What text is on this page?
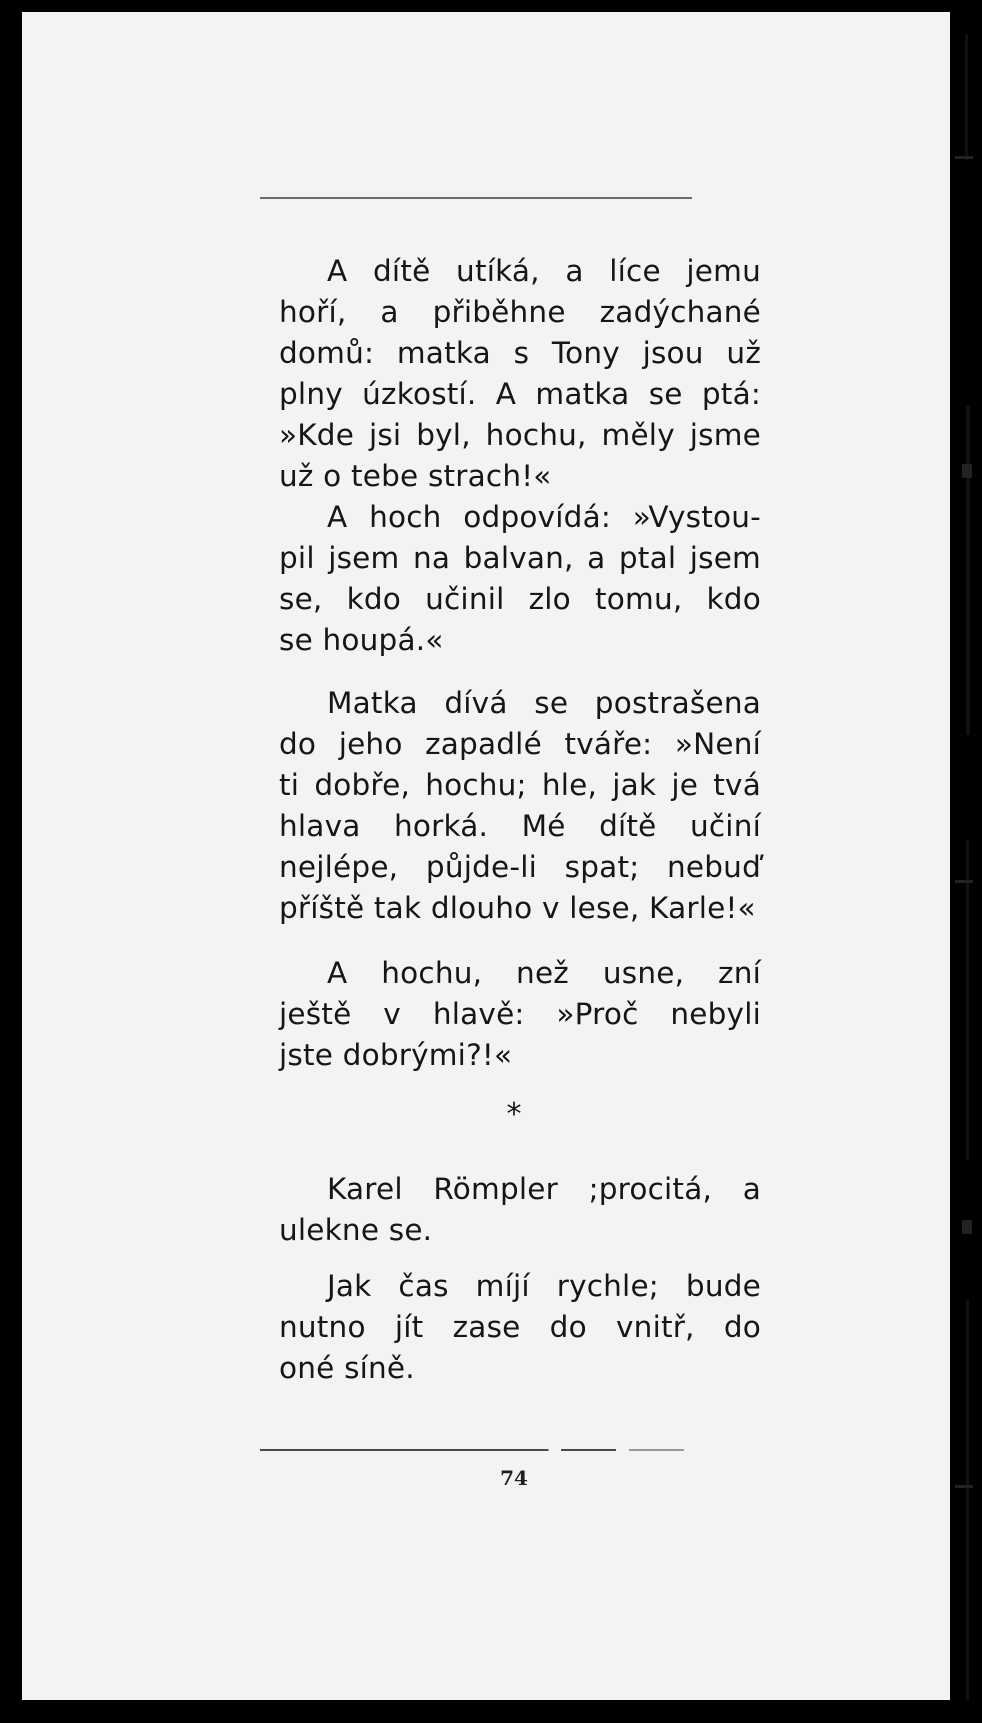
A dítě utíká, a líce jemu
hoří, a přiběhne zadýchané
domů: matka s Tony jsou už
plny úzkostí. A matka se ptá:
»Kde jsi byl, hochu, měly jsme
už o tebe strach!«
A hoch odpovídá: »Vystou-
pil jsem na balvan, a ptal jsem
se, kdo učinil zlo tomu, kdo
se houpá.«
Matka dívá se postrašena
do jeho zapadlé tváře: »Není
ti dobře, hochu; hle, jak je tvá
hlava horká. Mé dítě učiní
nejlépe, půjde-li spat; nebuď
příště tak dlouho v lese, Karle!«
A hochu, než usne, zní
ještě v hlavě: »Proč nebyli
jste dobrými?!«
*
Karel Römpler ;procitá, a
ulekne se.
Jak čas míjí rychle; bude
nutno jít zase do vnitř, do
oné síně.
74
